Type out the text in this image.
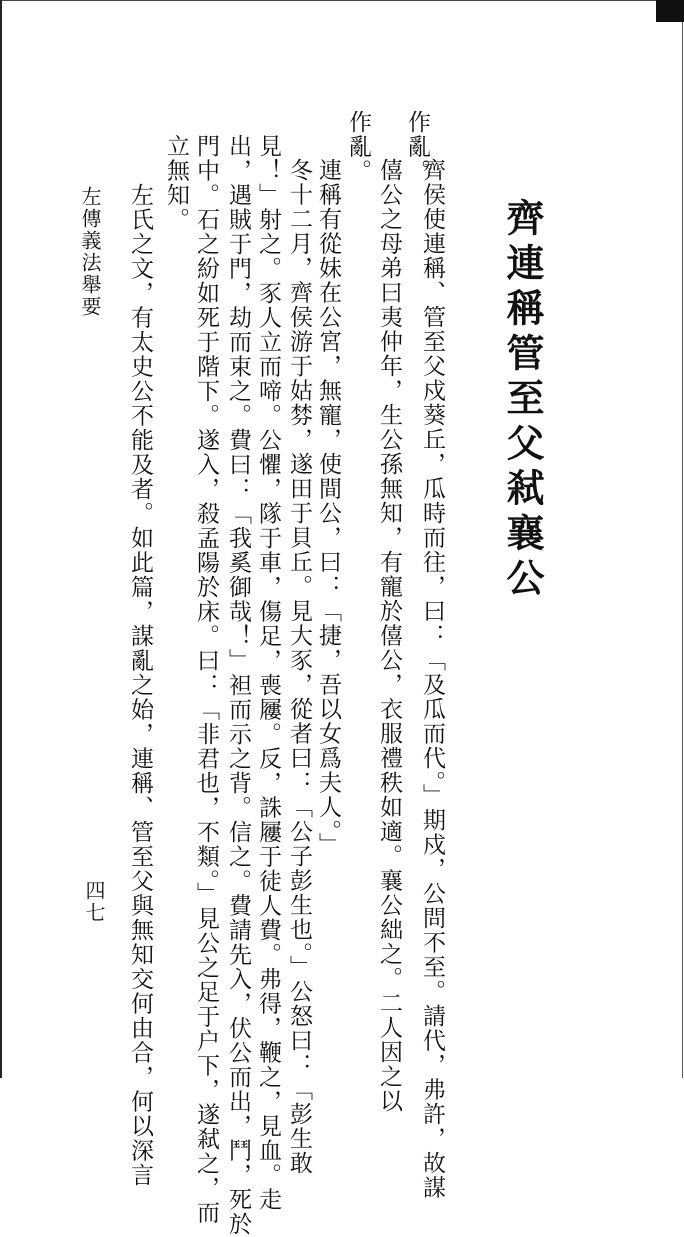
齊連稱管至父弒襄公
齊侯使連稱、管至父戍葵丘，瓜時而往，曰：「及瓜而代。」期戍，公問不至。請代，弗許，故謀
作亂。
僖公之母弟曰夷仲年，生公孫無知，有寵於僖公，衣服禮秩如適。襄公絀之。二人因之以
作亂。
連稱有從妹在公宮，無寵，使間公，曰：「捷，吾以女爲夫人。」
冬十二月，齊侯游于姑棼，遂田于貝丘。見大豕，從者曰：「公子彭生也。」公怒曰：「彭生敢
見！」射之。豕人立而啼。公懼，隊于車，傷足，喪屨。反，誅屨于徒人費。弗得，鞭之，見血。走
出，遇賊于門，劫而束之。費曰：「我奚御哉！」袒而示之背。信之。費請先入，伏公而出，鬥，死於
門中。石之紛如死于階下。遂入，殺孟陽於床。曰：「非君也，不類。」見公之足于户下，遂弒之，而
立無知。
左氏之文，有太史公不能及者。如此篇，謀亂之始，連稱、管至父與無知交何由合，何以深言
左傳義法舉要
四七
